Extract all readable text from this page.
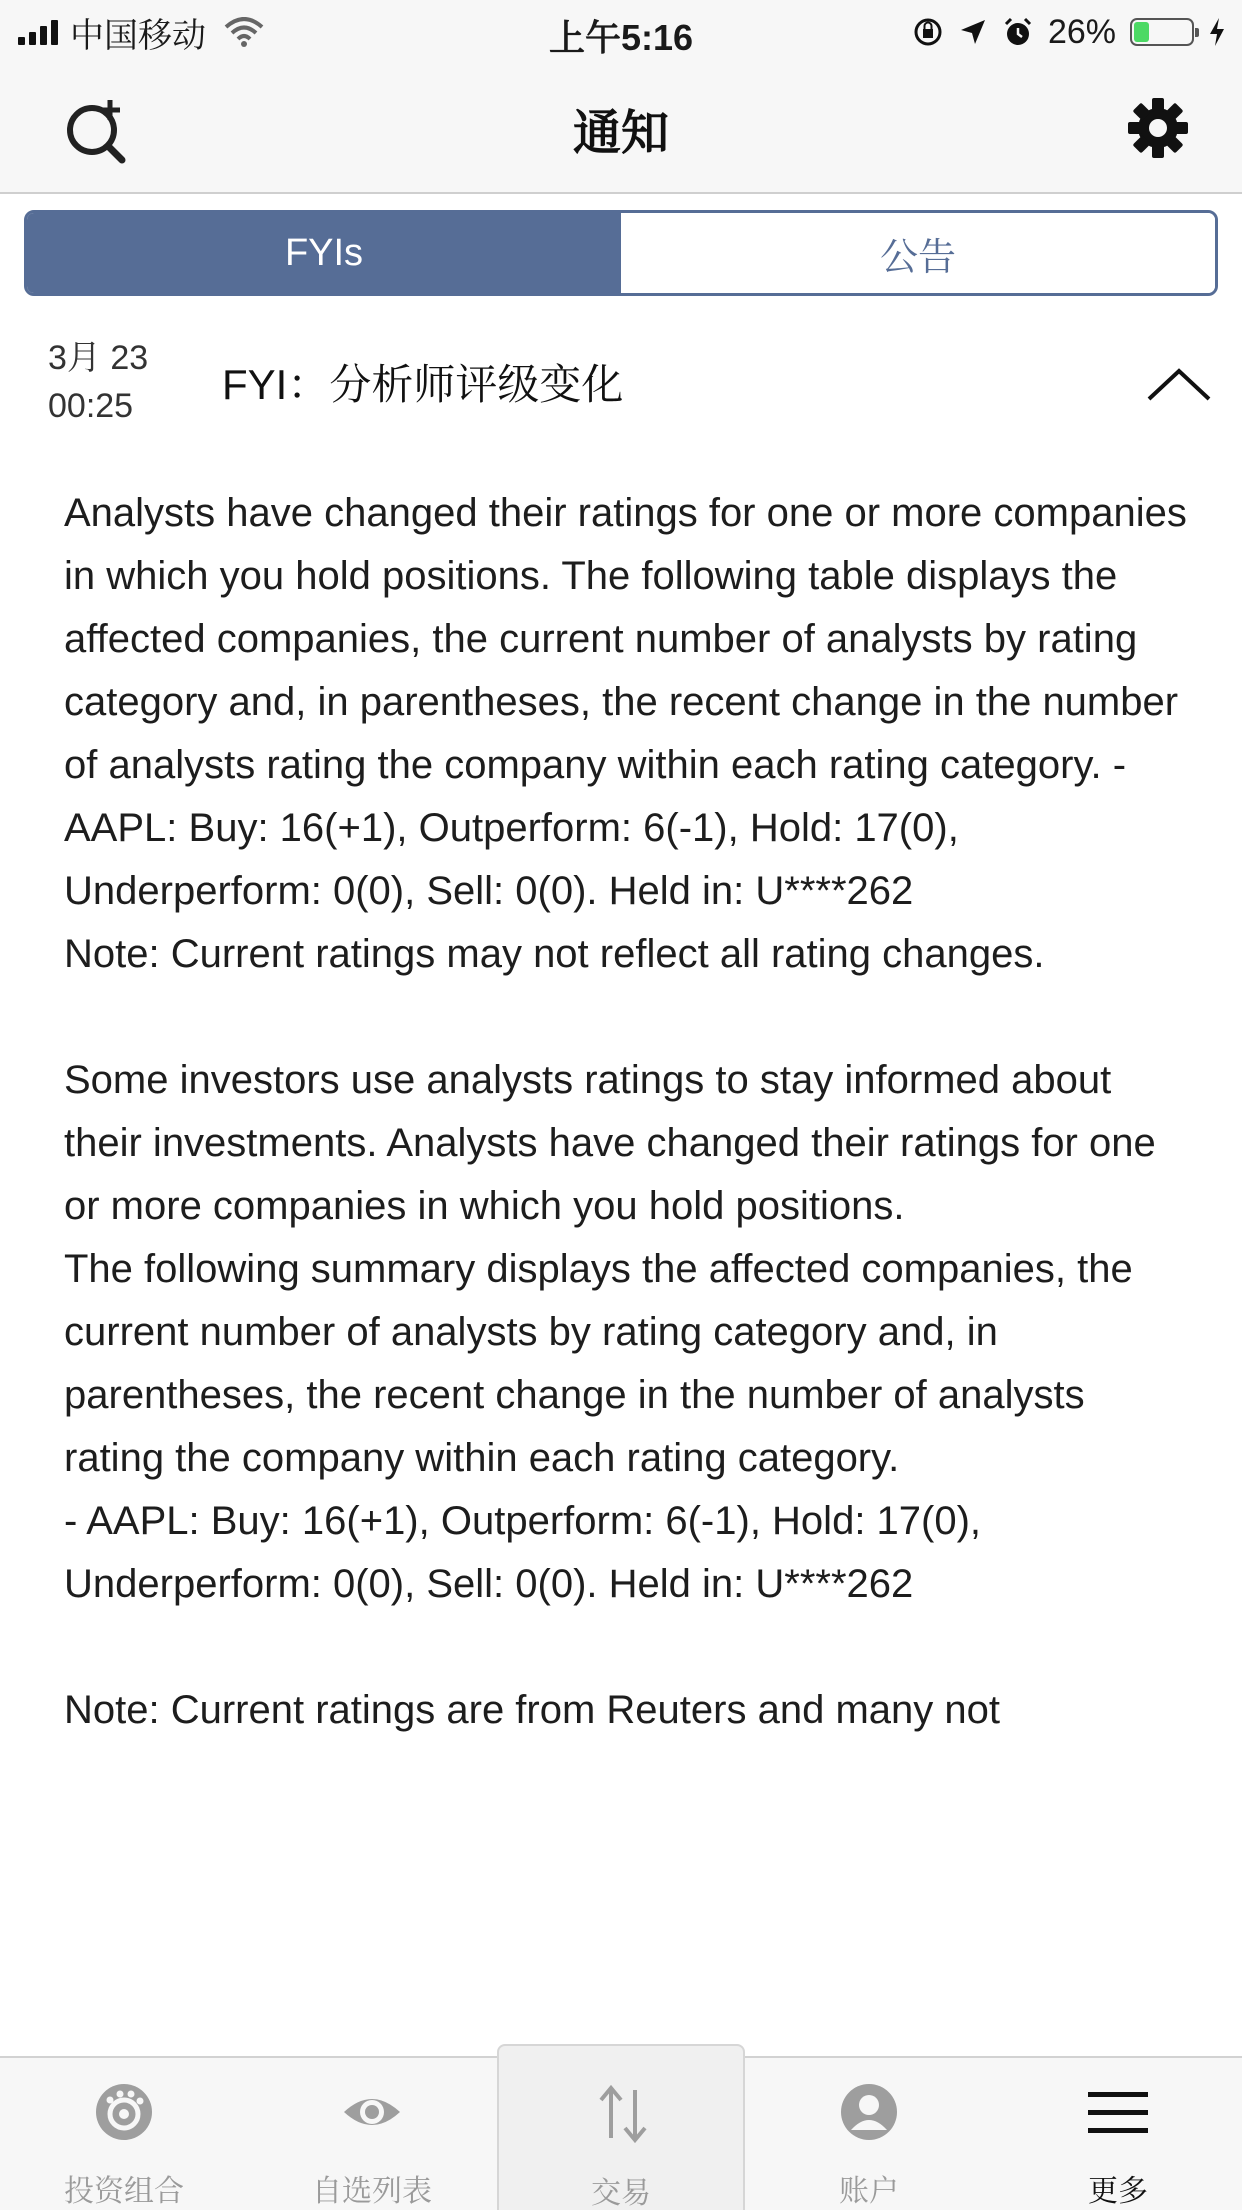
中国移动	上午5:16	26%
通知
FYIs	公告
3月 23
00:25	FYI：分析师评级变化

Analysts have changed their ratings for one or more companies in which you hold positions. The following table displays the affected companies, the current number of analysts by rating category and, in parentheses, the recent change in the number of analysts rating the company within each rating category. - AAPL: Buy: 16(+1), Outperform: 6(-1), Hold: 17(0), Underperform: 0(0), Sell: 0(0). Held in: U****262

Note: Current ratings may not reflect all rating changes.

Some investors use analysts ratings to stay informed about their investments. Analysts have changed their ratings for one or more companies in which you hold positions.

The following summary displays the affected companies, the current number of analysts by rating category and, in parentheses, the recent change in the number of analysts rating the company within each rating category.

- AAPL: Buy: 16(+1), Outperform: 6(-1), Hold: 17(0), Underperform: 0(0), Sell: 0(0). Held in: U****262

Note: Current ratings are from Reuters and many not

投资组合	自选列表	交易	账户	更多
